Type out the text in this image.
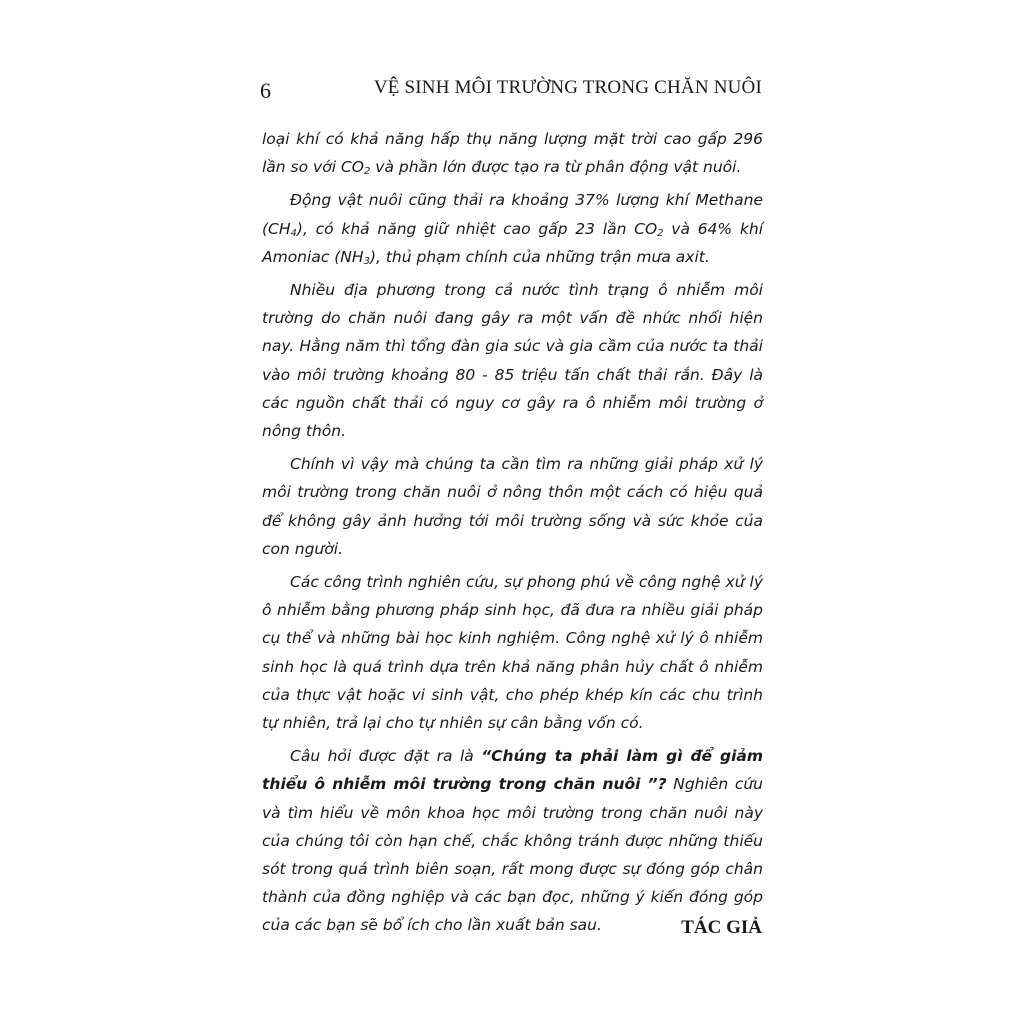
6	VỆ SINH MÔI TRƯỜNG TRONG CHĂN NUÔI

loại khí có khả năng hấp thụ năng lượng mặt trời cao gấp 296 lần so với $CO_2$ và phần lớn được tạo ra từ phân động vật nuôi.

Động vật nuôi cũng thải ra khoảng 37% lượng khí Methane $(CH_4)$, có khả năng giữ nhiệt cao gấp 23 lần $CO_2$ và 64% khí Amoniac $(NH_3)$, thủ phạm chính của những trận mưa axit.

Nhiều địa phương trong cả nước tình trạng ô nhiễm môi trường do chăn nuôi đang gây ra một vấn đề nhức nhối hiện nay. Hằng năm thì tổng đàn gia súc và gia cầm của nước ta thải vào môi trường khoảng 80 - 85 triệu tấn chất thải rắn. Đây là các nguồn chất thải có nguy cơ gây ra ô nhiễm môi trường ở nông thôn.

Chính vì vậy mà chúng ta cần tìm ra những giải pháp xử lý môi trường trong chăn nuôi ở nông thôn một cách có hiệu quả để không gây ảnh hưởng tới môi trường sống và sức khỏe của con người.

Các công trình nghiên cứu, sự phong phú về công nghệ xử lý ô nhiễm bằng phương pháp sinh học, đã đưa ra nhiều giải pháp cụ thể và những bài học kinh nghiệm. Công nghệ xử lý ô nhiễm sinh học là quá trình dựa trên khả năng phân hủy chất ô nhiễm của thực vật hoặc vi sinh vật, cho phép khép kín các chu trình tự nhiên, trả lại cho tự nhiên sự cân bằng vốn có.

Câu hỏi được đặt ra là “Chúng ta phải làm gì để giảm thiểu ô nhiễm môi trường trong chăn nuôi ”? Nghiên cứu và tìm hiểu về môn khoa học môi trường trong chăn nuôi này của chúng tôi còn hạn chế, chắc không tránh được những thiếu sót trong quá trình biên soạn, rất mong được sự đóng góp chân thành của đồng nghiệp và các bạn đọc, những ý kiến đóng góp của các bạn sẽ bổ ích cho lần xuất bản sau.	TÁC GIẢ
